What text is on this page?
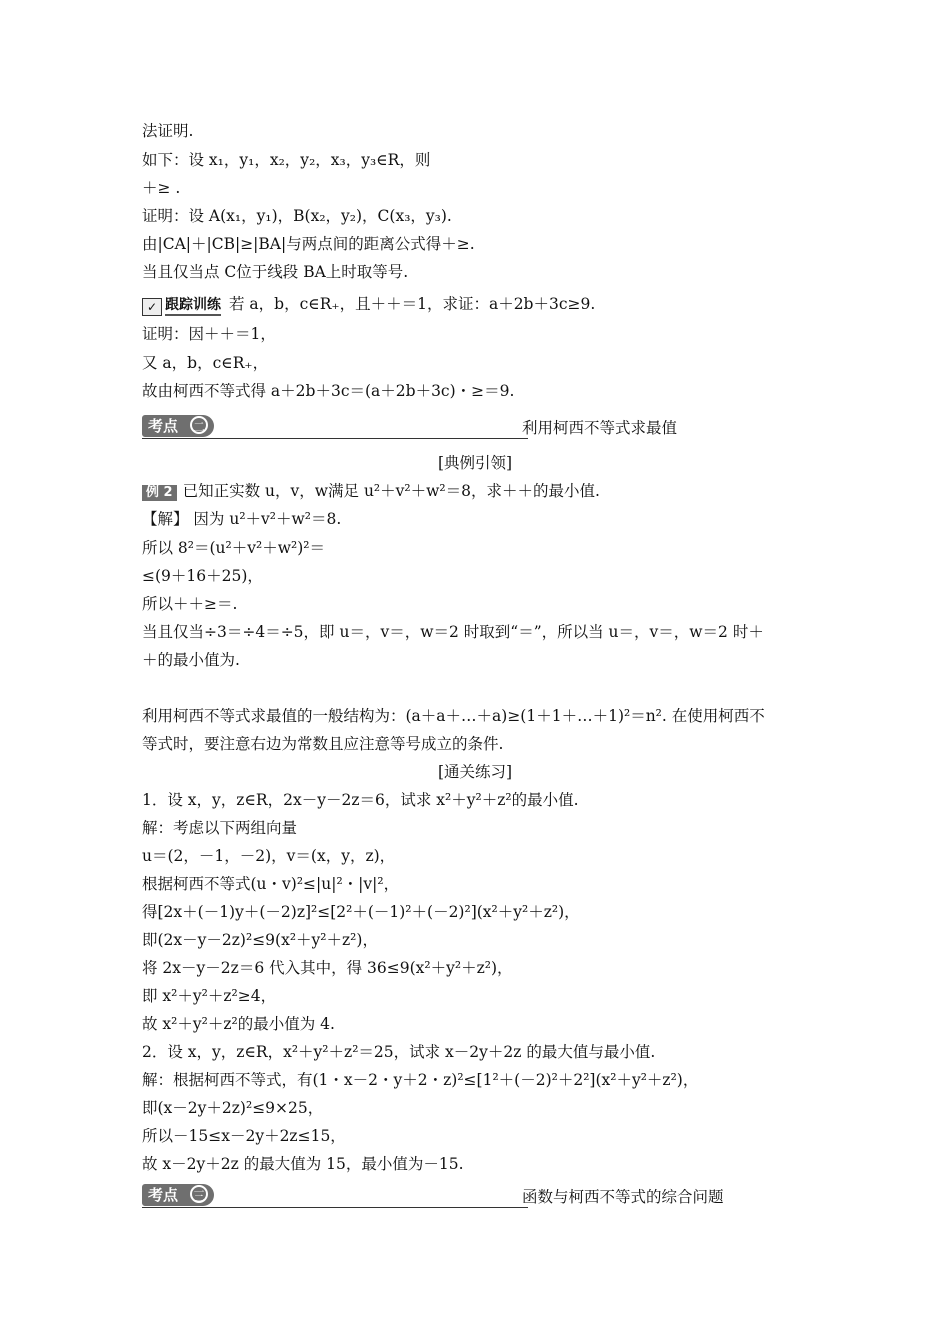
法证明.
如下：设 x₁，y₁，x₂，y₂，x₃，y₃∈R，则
＋≥ .
证明：设 A(x₁，y₁)，B(x₂，y₂)，C(x₃，y₃).
由|CA|＋|CB|≥|BA|与两点间的距离公式得＋≥.
当且仅当点 C位于线段 BA上时取等号.
✓ 跟踪训练 若 a，b，c∈R₊，且＋＋＝1，求证：a＋2b＋3c≥9.
证明：因＋＋＝1，
又 a，b，c∈R₊，
故由柯西不等式得 a＋2b＋3c＝(a＋2b＋3c)・≥＝9.
考点 二	利用柯西不等式求最值
[典例引领]
例 2 已知正实数 u，v，w满足 u²＋v²＋w²＝8，求＋＋的最小值.
【解】 因为 u²＋v²＋w²＝8.
所以 8²＝(u²＋v²＋w²)²＝
≤(9＋16＋25)，
所以＋＋≥＝.
当且仅当÷3＝÷4＝÷5，即 u＝，v＝，w＝2 时取到“＝”，所以当 u＝，v＝，w＝2 时＋
＋的最小值为.
利用柯西不等式求最值的一般结构为：(a＋a＋…＋a)≥(1＋1＋…＋1)²＝n². 在使用柯西不
等式时，要注意右边为常数且应注意等号成立的条件.
[通关练习]
1．设 x，y，z∈R，2x－y－2z＝6，试求 x²＋y²＋z²的最小值.
解：考虑以下两组向量
u＝(2，－1，－2)，v＝(x，y，z)，
根据柯西不等式(u・v)²≤|u|²・|v|²，
得[2x＋(－1)y＋(－2)z]²≤[2²＋(－1)²＋(－2)²](x²＋y²＋z²)，
即(2x－y－2z)²≤9(x²＋y²＋z²)，
将 2x－y－2z＝6 代入其中，得 36≤9(x²＋y²＋z²)，
即 x²＋y²＋z²≥4，
故 x²＋y²＋z²的最小值为 4.
2．设 x，y，z∈R，x²＋y²＋z²＝25，试求 x－2y＋2z 的最大值与最小值.
解：根据柯西不等式，有(1・x－2・y＋2・z)²≤[1²＋(－2)²＋2²](x²＋y²＋z²)，
即(x－2y＋2z)²≤9×25，
所以－15≤x－2y＋2z≤15，
故 x－2y＋2z 的最大值为 15，最小值为－15.
考点 三	函数与柯西不等式的综合问题
